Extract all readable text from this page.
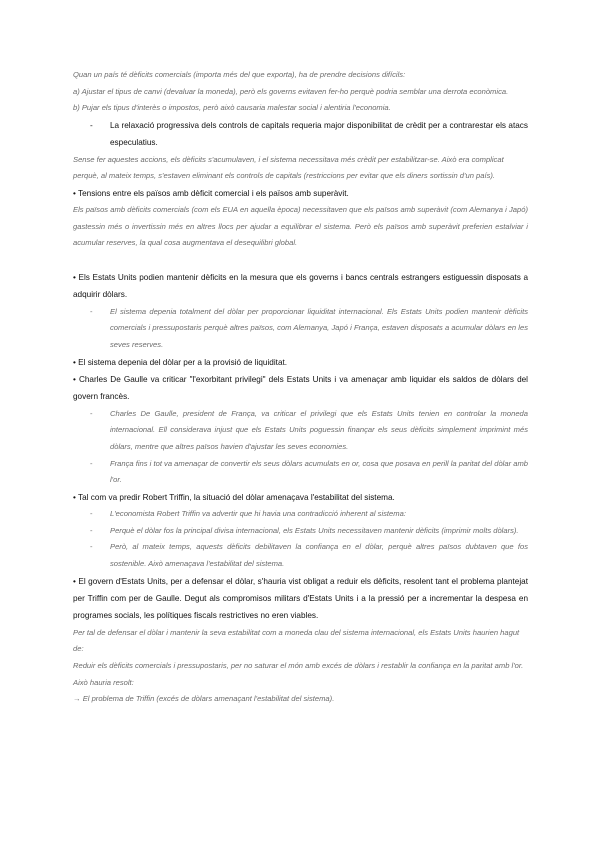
Quan un país té dèficits comercials (importa més del que exporta), ha de prendre decisions difícils:

a) Ajustar el tipus de canvi (devaluar la moneda), però els governs evitaven fer-ho perquè podria semblar una derrota econòmica.

b) Pujar els tipus d'interès o impostos, però això causaria malestar social i alentiria l'economia.

-	La relaxació progressiva dels controls de capitals requeria major disponibilitat de crèdit per a contrarestar els atacs especulatius.

Sense fer aquestes accions, els dèficits s'acumulaven, i el sistema necessitava més crèdit per estabilitzar-se. Això era complicat perquè, al mateix temps, s'estaven eliminant els controls de capitals (restriccions per evitar que els diners sortissin d'un país).

• Tensions entre els països amb dèficit comercial i els països amb superàvit.

Els països amb dèficits comercials (com els EUA en aquella època) necessitaven que els països amb superàvit (com Alemanya i Japó) gastessin més o invertissin més en altres llocs per ajudar a equilibrar el sistema. Però els països amb superàvit preferien estalviar i acumular reserves, la qual cosa augmentava el desequilibri global.

• Els Estats Units podien mantenir dèficits en la mesura que els governs i bancs centrals estrangers estiguessin disposats a adquirir dòlars.

-	El sistema depenia totalment del dòlar per proporcionar liquiditat internacional. Els Estats Units podien mantenir dèficits comercials i pressupostaris perquè altres països, com Alemanya, Japó i França, estaven disposats a acumular dòlars en les seves reserves.

• El sistema depenia del dòlar per a la provisió de liquiditat.

• Charles De Gaulle va criticar "l'exorbitant privilegi" dels Estats Units i va amenaçar amb liquidar els saldos de dòlars del govern francès.

-	Charles De Gaulle, president de França, va criticar el privilegi que els Estats Units tenien en controlar la moneda internacional. Ell considerava injust que els Estats Units poguessin finançar els seus dèficits simplement imprimint més dòlars, mentre que altres països havien d'ajustar les seves economies.

-	França fins i tot va amenaçar de convertir els seus dòlars acumulats en or, cosa que posava en perill la paritat del dòlar amb l'or.

• Tal com va predir Robert Triffin, la situació del dòlar amenaçava l'estabilitat del sistema.

-	L'economista Robert Triffin va advertir que hi havia una contradicció inherent al sistema:

-	Perquè el dòlar fos la principal divisa internacional, els Estats Units necessitaven mantenir dèficits (imprimir molts dòlars).

-	Però, al mateix temps, aquests dèficits debilitaven la confiança en el dòlar, perquè altres països dubtaven que fos sostenible. Això amenaçava l'estabilitat del sistema.

• El govern d'Estats Units, per a defensar el dòlar, s'hauria vist obligat a reduir els dèficits, resolent tant el problema plantejat per Triffin com per de Gaulle. Degut als compromisos militars d'Estats Units i a la pressió per a incrementar la despesa en programes socials, les polítiques fiscals restrictives no eren viables.

Per tal de defensar el dòlar i mantenir la seva estabilitat com a moneda clau del sistema internacional, els Estats Units haurien hagut de:

Reduir els dèficits comercials i pressupostaris, per no saturar el món amb excés de dòlars i restablir la confiança en la paritat amb l'or. Això hauria resolt:

→ El problema de Triffin (excés de dòlars amenaçant l'estabilitat del sistema).
